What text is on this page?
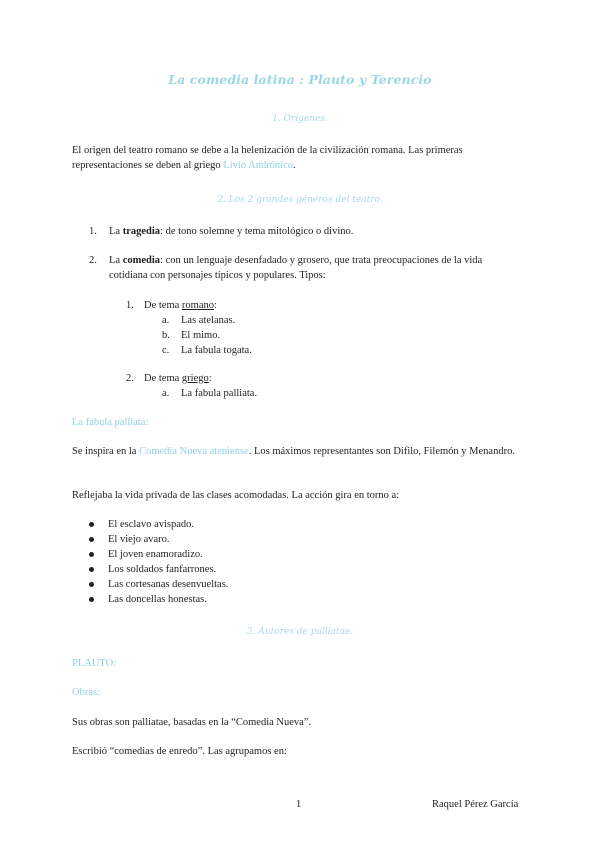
La comedia latina : Plauto y Terencio
1. Orígenes.
El origen del teatro romano se debe a la helenización de la civilización romana. Las primeras representaciones se deben al griego Livio Andrónico.
2. Los 2 grandes géneros del teatro.
1. La tragedia: de tono solemne y tema mitológico o divino.
2. La comedia: con un lenguaje desenfadado y grosero, que trata preocupaciones de la vida cotidiana con personajes típicos y populares. Tipos:
1. De tema romano:
a. Las atelanas.
b. El mimo.
c. La fabula togata.
2. De tema griego:
a. La fabula palliata.
La fabula palliata:
Se inspira en la Comedia Nueva ateniense. Los máximos representantes son Dífilo, Filemón y Menandro.
Reflejaba la vida privada de las clases acomodadas. La acción gira en torno a:
El esclavo avispado.
El viejo avaro.
El joven enamoradizo.
Los soldados fanfarrones.
Las cortesanas desenvueltas.
Las doncellas honestas.
3. Autores de palliatae.
PLAUTO:
Obras:
Sus obras son palliatae, basadas en la “Comedia Nueva”.
Escribió “comedias de enredo”. Las agrupamos en:
1	Raquel Pérez García
